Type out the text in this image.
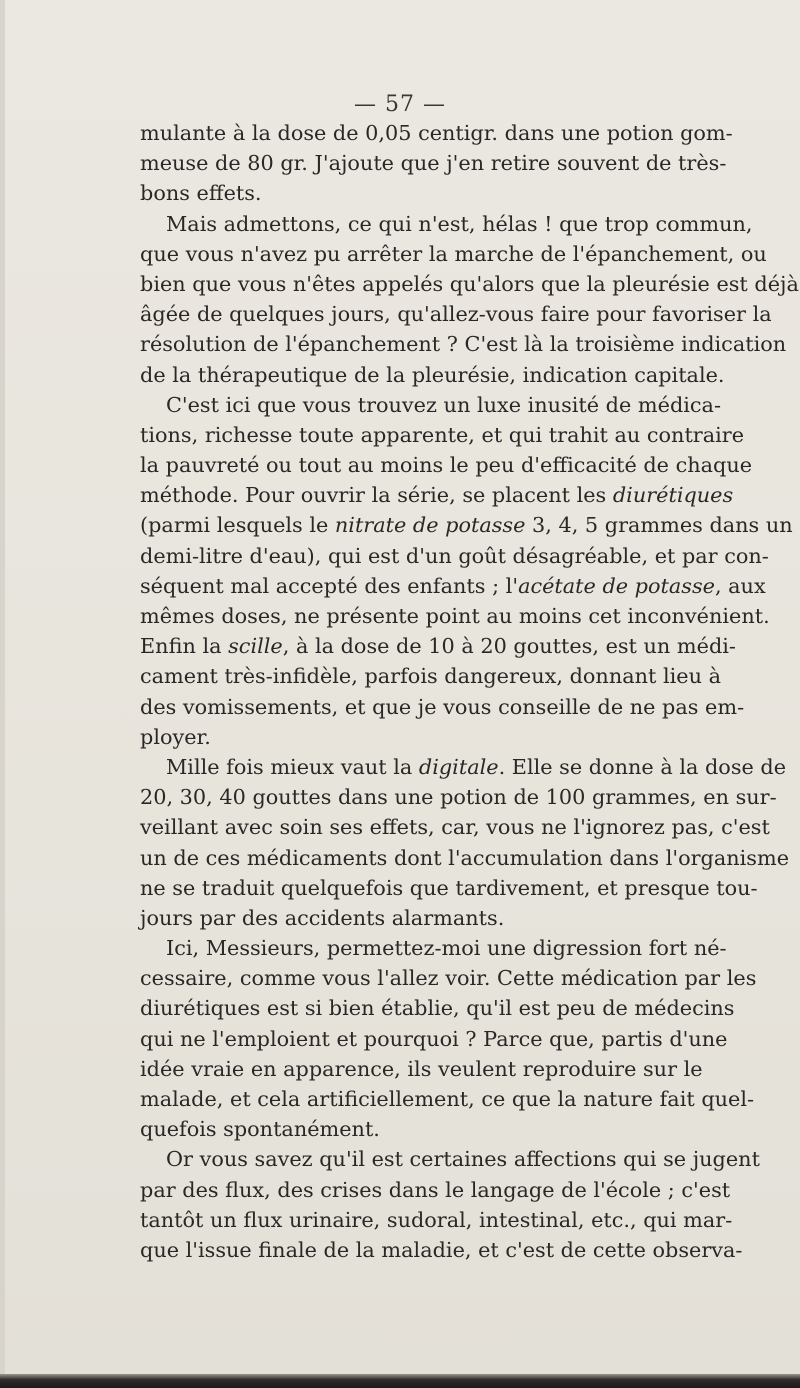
— 57 —
mulante à la dose de 0,05 centigr. dans une potion gom-
meuse de 80 gr. J'ajoute que j'en retire souvent de très-
bons effets.
Mais admettons, ce qui n'est, hélas ! que trop commun,
que vous n'avez pu arrêter la marche de l'épanchement, ou
bien que vous n'êtes appelés qu'alors que la pleurésie est déjà
âgée de quelques jours, qu'allez-vous faire pour favoriser la
résolution de l'épanchement ? C'est là la troisième indication
de la thérapeutique de la pleurésie, indication capitale.
C'est ici que vous trouvez un luxe inusité de médica-
tions, richesse toute apparente, et qui trahit au contraire
la pauvreté ou tout au moins le peu d'efficacité de chaque
méthode. Pour ouvrir la série, se placent les diurétiques
(parmi lesquels le nitrate de potasse 3, 4, 5 grammes dans un
demi-litre d'eau), qui est d'un goût désagréable, et par con-
séquent mal accepté des enfants ; l'acétate de potasse, aux
mêmes doses, ne présente point au moins cet inconvénient.
Enfin la scille, à la dose de 10 à 20 gouttes, est un médi-
cament très-infidèle, parfois dangereux, donnant lieu à
des vomissements, et que je vous conseille de ne pas em-
ployer.
Mille fois mieux vaut la digitale. Elle se donne à la dose de
20, 30, 40 gouttes dans une potion de 100 grammes, en sur-
veillant avec soin ses effets, car, vous ne l'ignorez pas, c'est
un de ces médicaments dont l'accumulation dans l'organisme
ne se traduit quelquefois que tardivement, et presque tou-
jours par des accidents alarmants.
Ici, Messieurs, permettez-moi une digression fort né-
cessaire, comme vous l'allez voir. Cette médication par les
diurétiques est si bien établie, qu'il est peu de médecins
qui ne l'emploient et pourquoi ? Parce que, partis d'une
idée vraie en apparence, ils veulent reproduire sur le
malade, et cela artificiellement, ce que la nature fait quel-
quefois spontanément.
Or vous savez qu'il est certaines affections qui se jugent
par des flux, des crises dans le langage de l'école ; c'est
tantôt un flux urinaire, sudoral, intestinal, etc., qui mar-
que l'issue finale de la maladie, et c'est de cette observa-
